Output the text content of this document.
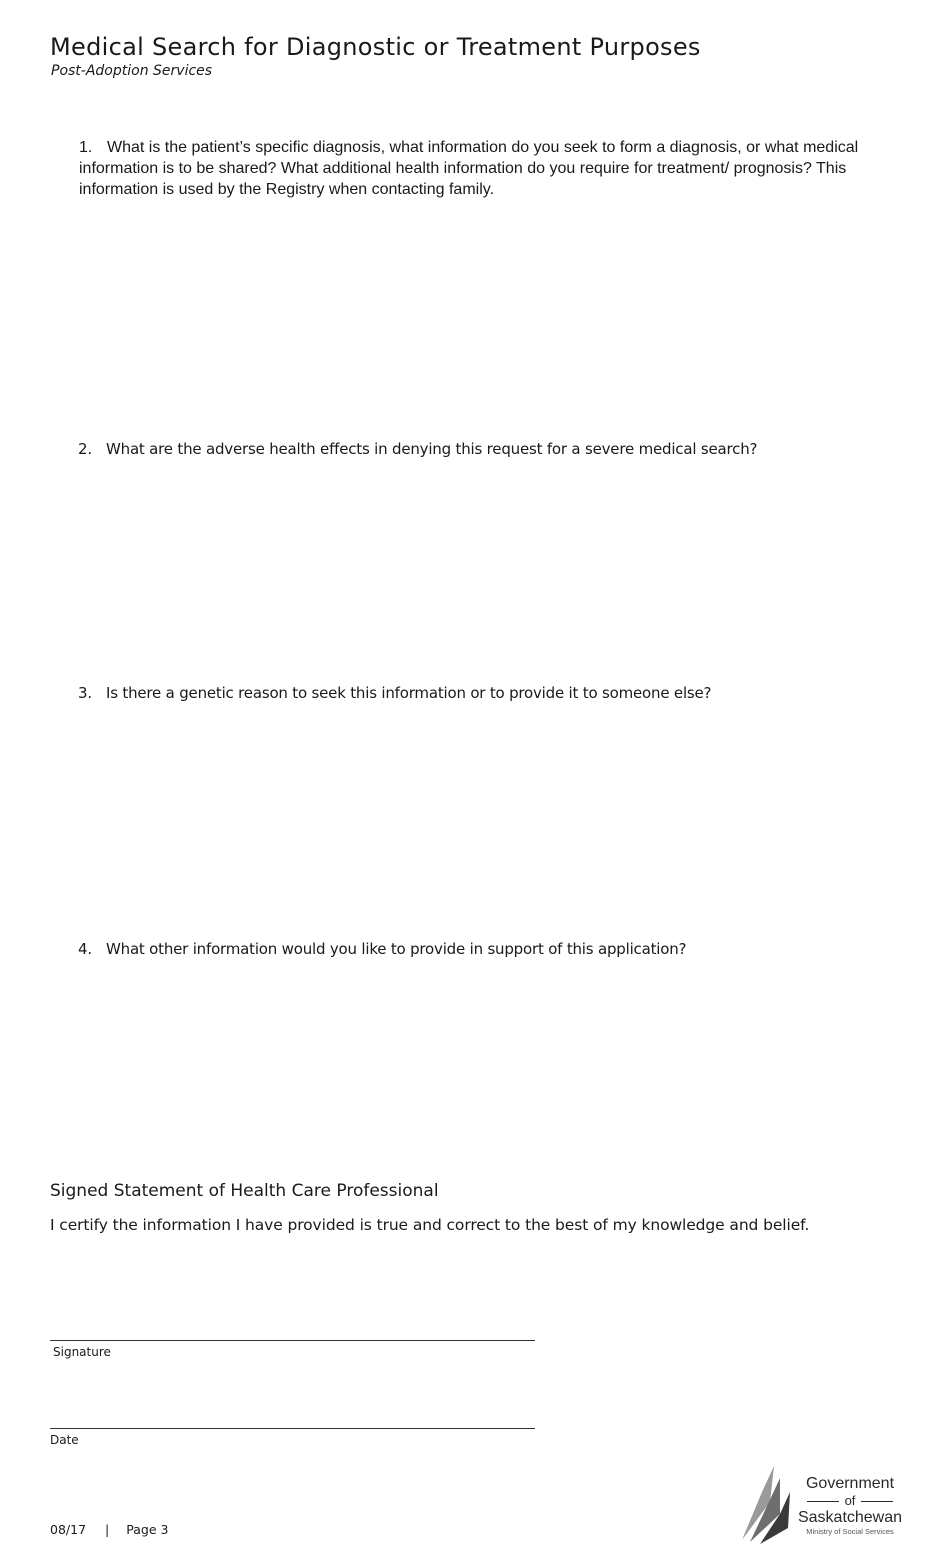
Medical Search for Diagnostic or Treatment Purposes
Post-Adoption Services
1. What is the patient’s specific diagnosis, what information do you seek to form a diagnosis, or what medical information is to be shared? What additional health information do you require for treatment/ prognosis? This information is used by the Registry when contacting family.
2. What are the adverse health effects in denying this request for a severe medical search?
3. Is there a genetic reason to seek this information or to provide it to someone else?
4. What other information would you like to provide in support of this application?
Signed Statement of Health Care Professional
I certify the information I have provided is true and correct to the best of my knowledge and belief.
Signature
Date
08/17 | Page 3
Government
of
Saskatchewan
Ministry of Social Services
